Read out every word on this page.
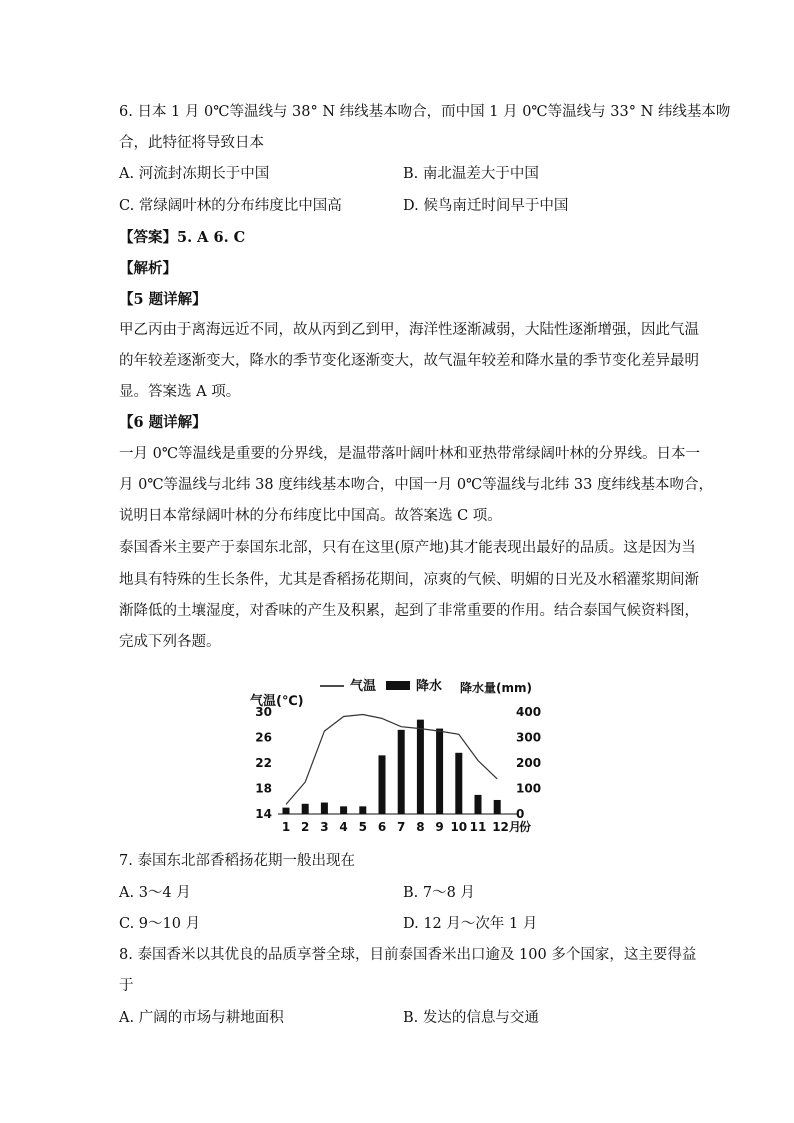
6. 日本 1 月 0℃等温线与 38° N 纬线基本吻合，而中国 1 月 0℃等温线与 33° N 纬线基本吻
合，此特征将导致日本
A. 河流封冻期长于中国	B. 南北温差大于中国
C. 常绿阔叶林的分布纬度比中国高	D. 候鸟南迁时间早于中国
【答案】5. A 6. C
【解析】
【5 题详解】
甲乙丙由于离海远近不同，故从丙到乙到甲，海洋性逐渐减弱，大陆性逐渐增强，因此气温
的年较差逐渐变大，降水的季节变化逐渐变大，故气温年较差和降水量的季节变化差异最明
显。答案选 A 项。
【6 题详解】
一月 0℃等温线是重要的分界线，是温带落叶阔叶林和亚热带常绿阔叶林的分界线。日本一
月 0℃等温线与北纬 38 度纬线基本吻合，中国一月 0℃等温线与北纬 33 度纬线基本吻合，
说明日本常绿阔叶林的分布纬度比中国高。故答案选 C 项。
泰国香米主要产于泰国东北部，只有在这里(原产地)其才能表现出最好的品质。这是因为当
地具有特殊的生长条件，尤其是香稻扬花期间，凉爽的气候、明媚的日光及水稻灌浆期间渐
渐降低的土壤湿度，对香味的产生及积累，起到了非常重要的作用。结合泰国气候资料图，
完成下列各题。
气温	降水
气温(℃)
降水量(mm)
30
26
22
18
14
400
300
200
100
0
1 2 3 4 5 6 7 8 9 10 11 12月
份
7. 泰国东北部香稻扬花期一般出现在
A. 3～4 月	B. 7～8 月
C. 9～10 月	D. 12 月～次年 1 月
8. 泰国香米以其优良的品质享誉全球，目前泰国香米出口逾及 100 多个国家，这主要得益
于
A. 广阔的市场与耕地面积	B. 发达的信息与交通
